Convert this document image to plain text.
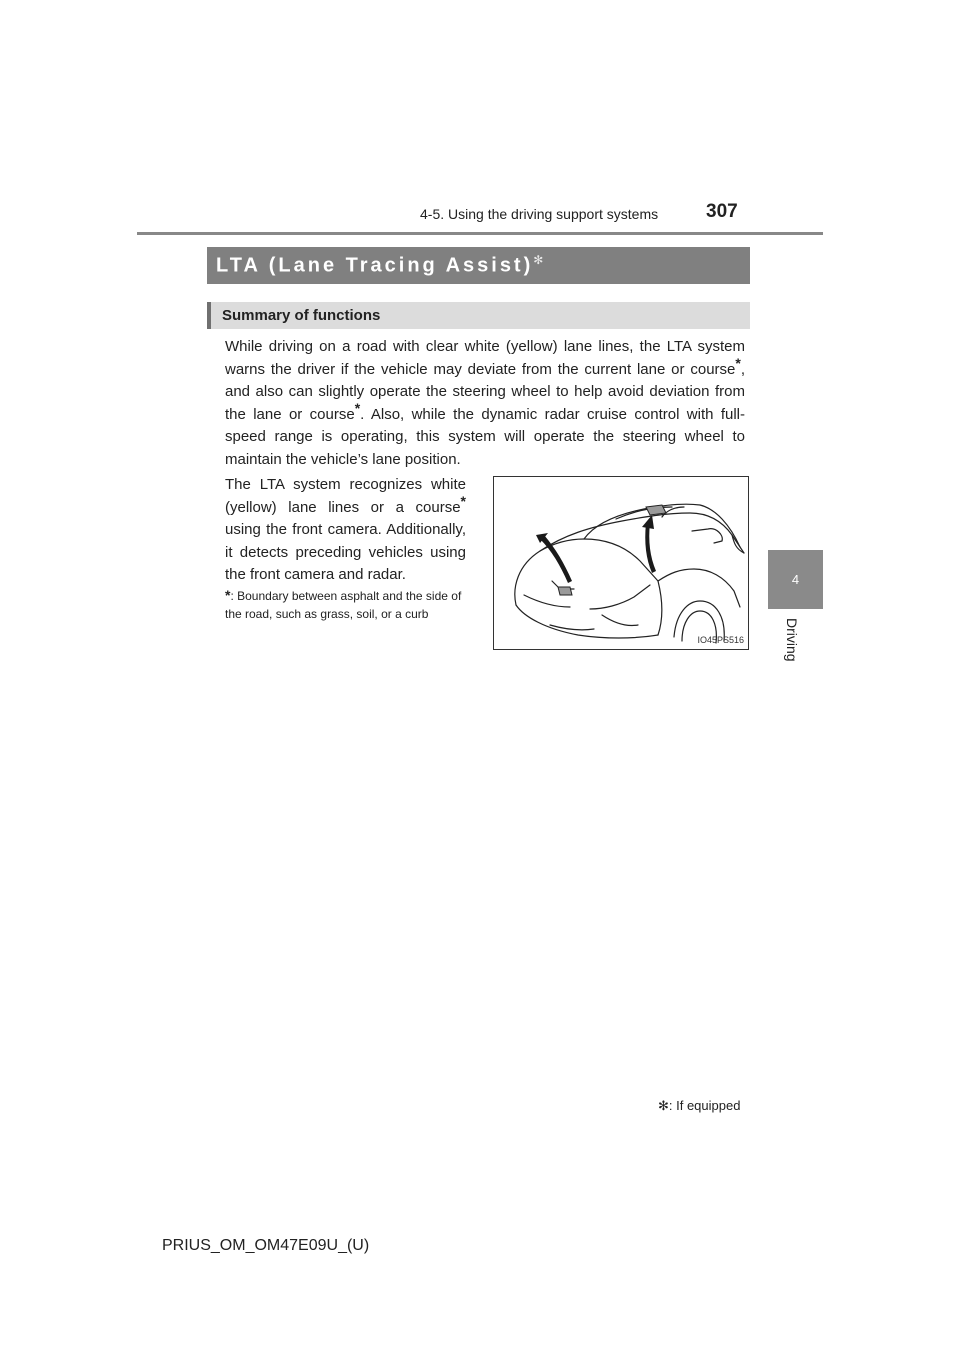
4-5. Using the driving support systems	307
4
Driving
LTA (Lane Tracing Assist)✻
Summary of functions
While driving on a road with clear white (yellow) lane lines, the LTA system warns the driver if the vehicle may deviate from the current lane or course*, and also can slightly operate the steering wheel to help avoid deviation from the lane or course*. Also, while the dynamic radar cruise control with full-speed range is operating, this system will operate the steering wheel to maintain the vehicle’s lane position.
The LTA system recognizes white (yellow) lane lines or a course* using the front camera. Additionally, it detects preceding vehicles using the front camera and radar.
*: Boundary between asphalt and the side of the road, such as grass, soil, or a curb
IO45PS516
✻: If equipped
PRIUS_OM_OM47E09U_(U)
